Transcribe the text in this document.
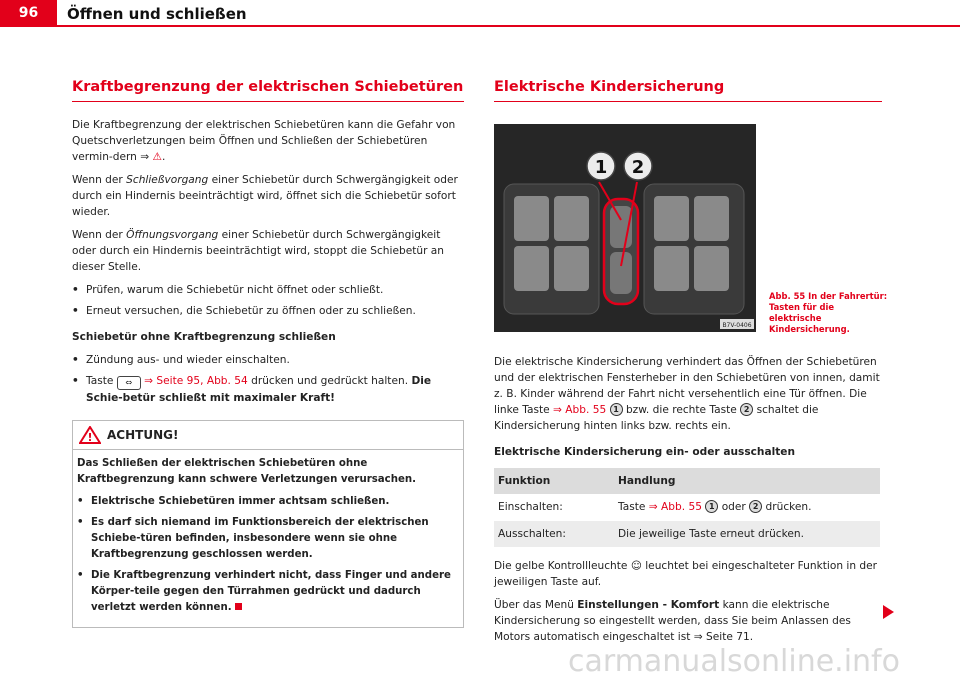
96	Öffnen und schließen
Kraftbegrenzung der elektrischen Schiebetüren

Die Kraftbegrenzung der elektrischen Schiebetüren kann die Gefahr von Quetschverletzungen beim Öffnen und Schließen der Schiebetüren vermin-dern ⇒ ⚠.

Wenn der Schließvorgang einer Schiebetür durch Schwergängigkeit oder durch ein Hindernis beeinträchtigt wird, öffnet sich die Schiebetür sofort wieder.

Wenn der Öffnungsvorgang einer Schiebetür durch Schwergängigkeit oder durch ein Hindernis beeinträchtigt wird, stoppt die Schiebetür an dieser Stelle.

• Prüfen, warum die Schiebetür nicht öffnet oder schließt.
• Erneut versuchen, die Schiebetür zu öffnen oder zu schließen.

Schiebetür ohne Kraftbegrenzung schließen

• Zündung aus- und wieder einschalten.
• Taste ⇔ ⇒ Seite 95, Abb. 54 drücken und gedrückt halten. Die Schie-betür schließt mit maximaler Kraft!
! ACHTUNG!

Das Schließen der elektrischen Schiebetüren ohne Kraftbegrenzung kann schwere Verletzungen verursachen.

• Elektrische Schiebetüren immer achtsam schließen.
• Es darf sich niemand im Funktionsbereich der elektrischen Schiebe-türen befinden, insbesondere wenn sie ohne Kraftbegrenzung geschlossen werden.
• Die Kraftbegrenzung verhindert nicht, dass Finger und andere Körper-teile gegen den Türrahmen gedrückt und dadurch verletzt werden können.
Elektrische Kindersicherung
1 2
B7V-0406
Abb. 55 In der Fahrertür: Tasten für die elektrische Kindersicherung.

Die elektrische Kindersicherung verhindert das Öffnen der Schiebetüren und der elektrischen Fensterheber in den Schiebetüren von innen, damit z. B. Kinder während der Fahrt nicht versehentlich eine Tür öffnen. Die linke Taste ⇒ Abb. 55 1 bzw. die rechte Taste 2 schaltet die Kindersicherung hinten links bzw. rechts ein.

Elektrische Kindersicherung ein- oder ausschalten

Funktion	Handlung
Einschalten:	Taste ⇒ Abb. 55 1 oder 2 drücken.
Ausschalten:	Die jeweilige Taste erneut drücken.

Die gelbe Kontrollleuchte ☺ leuchtet bei eingeschalteter Funktion in der jeweiligen Taste auf.

Über das Menü Einstellungen - Komfort kann die elektrische Kindersicherung so eingestellt werden, dass Sie beim Anlassen des Motors automatisch eingeschaltet ist ⇒ Seite 71.

carmanualsonline.info
